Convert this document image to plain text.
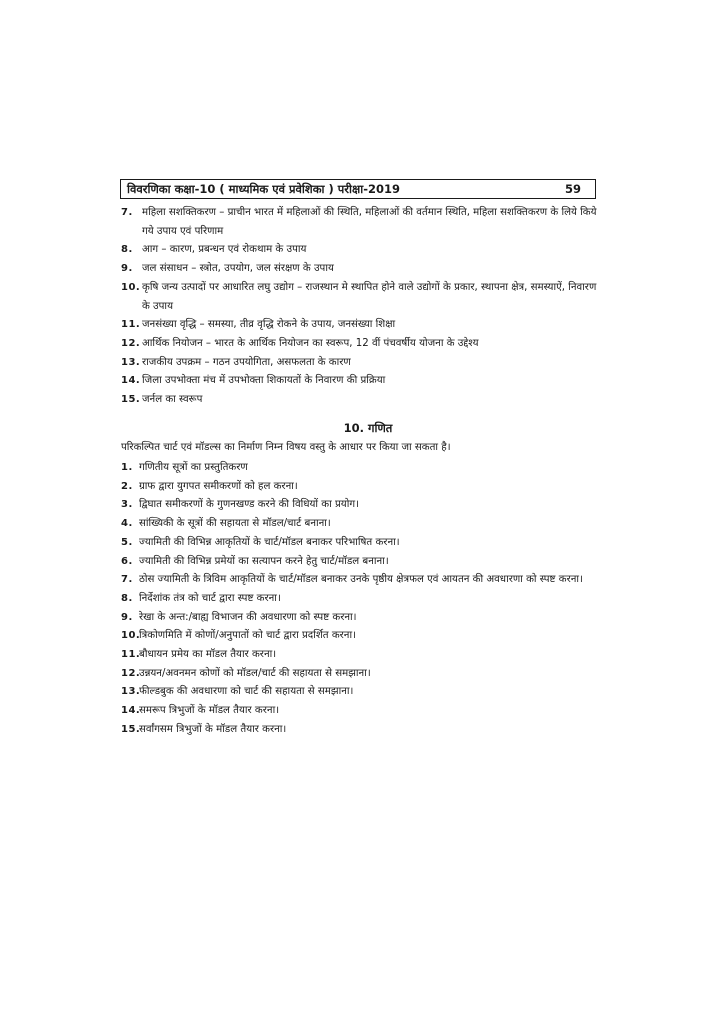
विवरणिका कक्षा-10 ( माध्यमिक एवं प्रवेशिका ) परीक्षा-2019	59
7. महिला सशक्तिकरण – प्राचीन भारत में महिलाओं की स्थिति, महिलाओं की वर्तमान स्थिति, महिला सशक्तिकरण के लिये किये गये उपाय एवं परिणाम
8. आग – कारण, प्रबन्धन एवं रोकथाम के उपाय
9. जल संसाधन – स्त्रोत, उपयोग, जल संरक्षण के उपाय
10. कृषि जन्य उत्पादों पर आधारित लघु उद्योग – राजस्थान मे स्थापित होने वाले उद्योगों के प्रकार, स्थापना क्षेत्र, समस्याऐं, निवारण के उपाय
11. जनसंख्या वृद्धि – समस्या, तीव्र वृद्धि रोकने के उपाय, जनसंख्या शिक्षा
12. आर्थिक नियोजन – भारत के आर्थिक नियोजन का स्वरूप, 12 वीं पंचवर्षीय योजना के उद्देश्य
13. राजकीय उपक्रम – गठन उपयोगिता, असफलता के कारण
14. जिला उपभोक्ता मंच में उपभोक्ता शिकायतों के निवारण की प्रक्रिया
15. जर्नल का स्वरूप
10. गणित
परिकल्पित चार्ट एवं मॉडल्स का निर्माण निम्न विषय वस्तु के आधार पर किया जा सकता है।
1. गणितीय सूत्रों का प्रस्तुतिकरण
2. ग्राफ द्वारा युगपत समीकरणों को हल करना।
3. द्विघात समीकरणों के गुणनखण्ड करने की विधियों का प्रयोग।
4. सांख्यिकी के सूत्रों की सहायता से मॉडल/चार्ट बनाना।
5. ज्यामिती की विभिन्न आकृतियों के चार्ट/मॉडल बनाकर परिभाषित करना।
6. ज्यामिती की विभिन्न प्रमेयों का सत्यापन करने हेतु चार्ट/मॉडल बनाना।
7. ठोस ज्यामिती के त्रिविम आकृतियों के चार्ट/मॉडल बनाकर उनके पृष्ठीय क्षेत्रफल एवं आयतन की अवधारणा को स्पष्ट करना।
8. निर्देशांक तंत्र को चार्ट द्वारा स्पष्ट करना।
9. रेखा के अन्त:/बाह्य विभाजन की अवधारणा को स्पष्ट करना।
10.
त्रिकोणमिति में कोणों/अनुपातों को चार्ट द्वारा प्रदर्शित करना।
11.
बौधायन प्रमेय का मॉडल तैयार करना।
12.
उन्नयन/अवनमन कोणों को मॉडल/चार्ट की सहायता से समझाना।
13.
फील्डबुक की अवधारणा को चार्ट की सहायता से समझाना।
14.
समरूप त्रिभुजों के मॉडल तैयार करना।
15.
सर्वांगसम त्रिभुजों के मॉडल तैयार करना।
